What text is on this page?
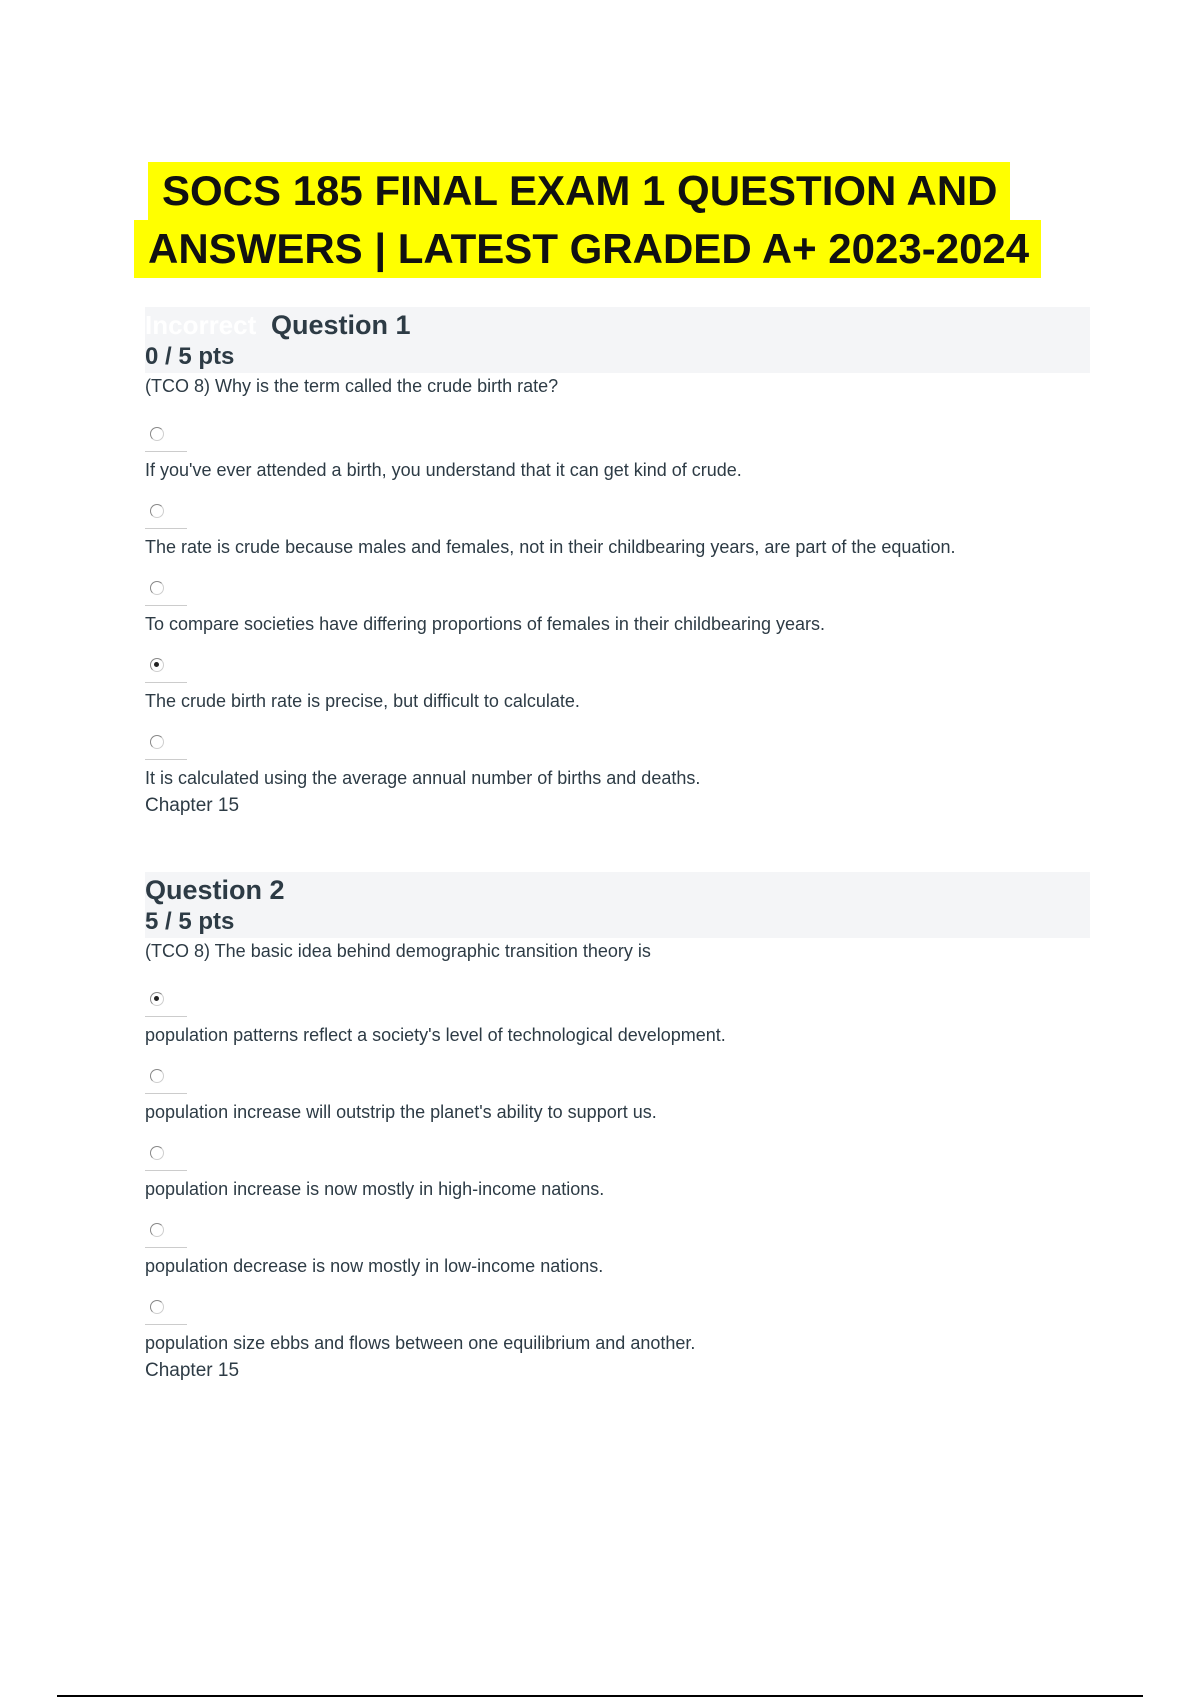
SOCS 185 FINAL EXAM 1 QUESTION AND
ANSWERS | LATEST GRADED A+ 2023-2024
Incorrect Question 1
0 / 5 pts
(TCO 8) Why is the term called the crude birth rate?
If you've ever attended a birth, you understand that it can get kind of crude.
The rate is crude because males and females, not in their childbearing years, are part of the equation.
To compare societies have differing proportions of females in their childbearing years.
The crude birth rate is precise, but difficult to calculate.
It is calculated using the average annual number of births and deaths.
Chapter 15
Question 2
5 / 5 pts
(TCO 8) The basic idea behind demographic transition theory is
population patterns reflect a society's level of technological development.
population increase will outstrip the planet's ability to support us.
population increase is now mostly in high-income nations.
population decrease is now mostly in low-income nations.
population size ebbs and flows between one equilibrium and another.
Chapter 15
